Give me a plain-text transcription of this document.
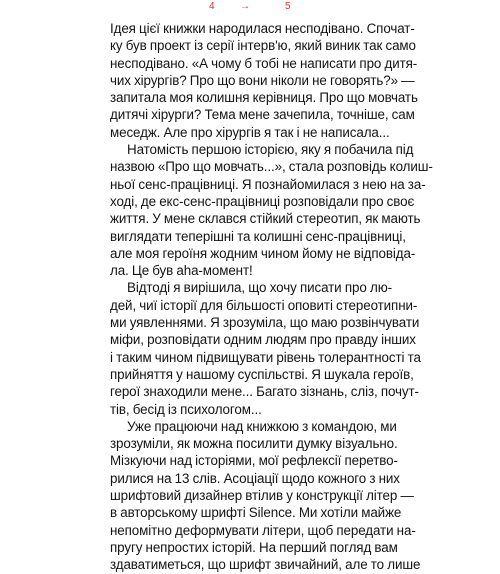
4	→	5

Ідея цієї книжки народилася несподівано. Спочат-
ку був проект із серії інтерв'ю, який виник так само
несподівано. «А чому б тобі не написати про дитя-
чих хірургів? Про що вони ніколи не говорять?» —
запитала моя колишня керівниця. Про що мовчать
дитячі хірурги? Тема мене зачепила, точніше, сам
меседж. Але про хірургів я так і не написала...

Натомість першою історією, яку я побачила під
назвою «Про що мовчать...», стала розповідь колиш-
ньої сенс-працівниці. Я познайомилася з нею на за-
ході, де екс-сенс-працівниці розповідали про своє
життя. У мене склався стійкий стереотип, як мають
виглядати теперішні та колишні сенс-працівниці,
але моя героїня жодним чином йому не відповіда-
ла. Це був aha-момент!

Відтоді я вирішила, що хочу писати про лю-
дей, чиї історії для більшості оповиті стереотипни-
ми уявленнями. Я зрозуміла, що маю розвінчувати
міфи, розповідати одним людям про правду інших
і таким чином підвищувати рівень толерантності та
прийняття у нашому суспільстві. Я шукала героїв,
герої знаходили мене... Багато зізнань, сліз, почут-
тів, бесід із психологом...

Уже працюючи над книжкою з командою, ми
зрозуміли, як можна посилити думку візуально.
Мізкуючи над історіями, мої рефлексії перетво-
рилися на 13 слів. Асоціації щодо кожного з них
шрифтовий дизайнер втілив у конструкції літер —
в авторському шрифті Silence. Ми хотіли майже
непомітно деформувати літери, щоб передати на-
пругу непростих історій. На перший погляд вам
здаватиметься, що шрифт звичайний, але то лише
